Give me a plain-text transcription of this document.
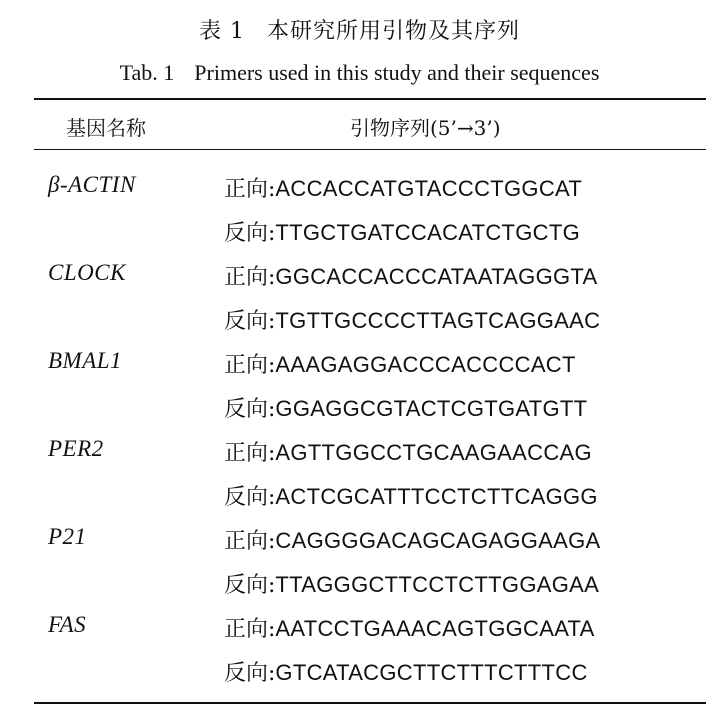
表 1 本研究所用引物及其序列
Tab. 1 Primers used in this study and their sequences
基因名称	引物序列(5’→3’)
β-ACTIN	正向:ACCACCATGTACCCTGGCAT
反向:TTGCTGATCCACATCTGCTG
CLOCK	正向:GGCACCACCCATAATAGGGTA
反向:TGTTGCCCCTTAGTCAGGAAC
BMAL1	正向:AAAGAGGACCCACCCCACT
反向:GGAGGCGTACTCGTGATGTT
PER2	正向:AGTTGGCCTGCAAGAACCAG
反向:ACTCGCATTTCCTCTTCAGGG
P21	正向:CAGGGGACAGCAGAGGAAGA
反向:TTAGGGCTTCCTCTTGGAGAA
FAS	正向:AATCCTGAAACAGTGGCAATA
反向:GTCATACGCTTCTTTCTTTCC
